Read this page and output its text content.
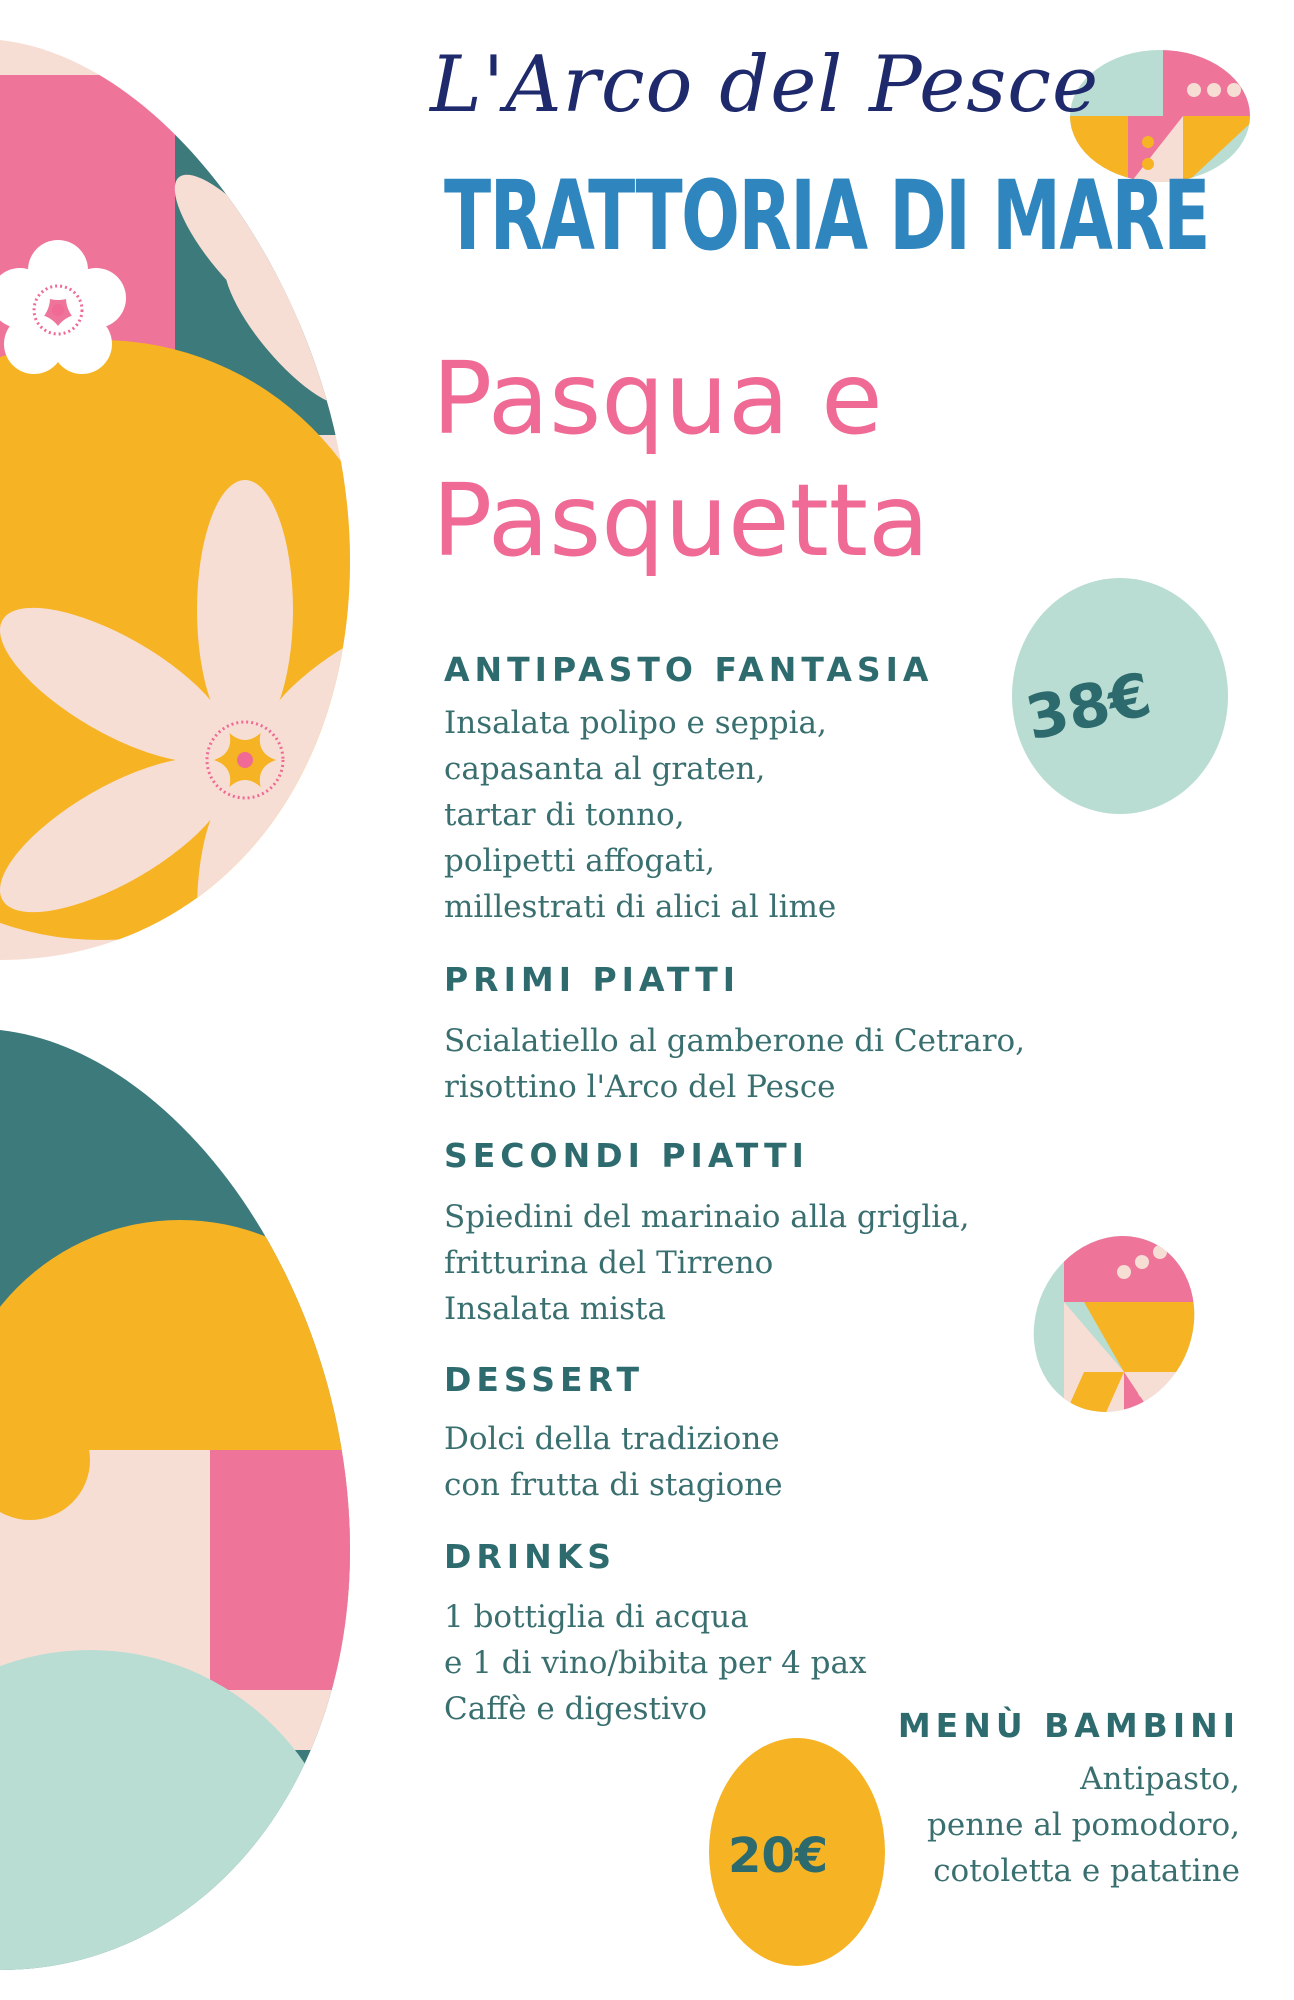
38€
20€
L'Arco del Pesce
TRATTORIA DI MARE
Pasqua e
Pasquetta
ANTIPASTO FANTASIA
Insalata polipo e seppia,
capasanta al graten,
tartar di tonno,
polipetti affogati,
millestrati di alici al lime
PRIMI PIATTI
Scialatiello al gamberone di Cetraro,
risottino l'Arco del Pesce
SECONDI PIATTI
Spiedini del marinaio alla griglia,
fritturina del Tirreno
Insalata mista
DESSERT
Dolci della tradizione
con frutta di stagione
DRINKS
1 bottiglia di acqua
e 1 di vino/bibita per 4 pax
Caffè e digestivo	MENÙ BAMBINI
Antipasto,
penne al pomodoro,
cotoletta e patatine
